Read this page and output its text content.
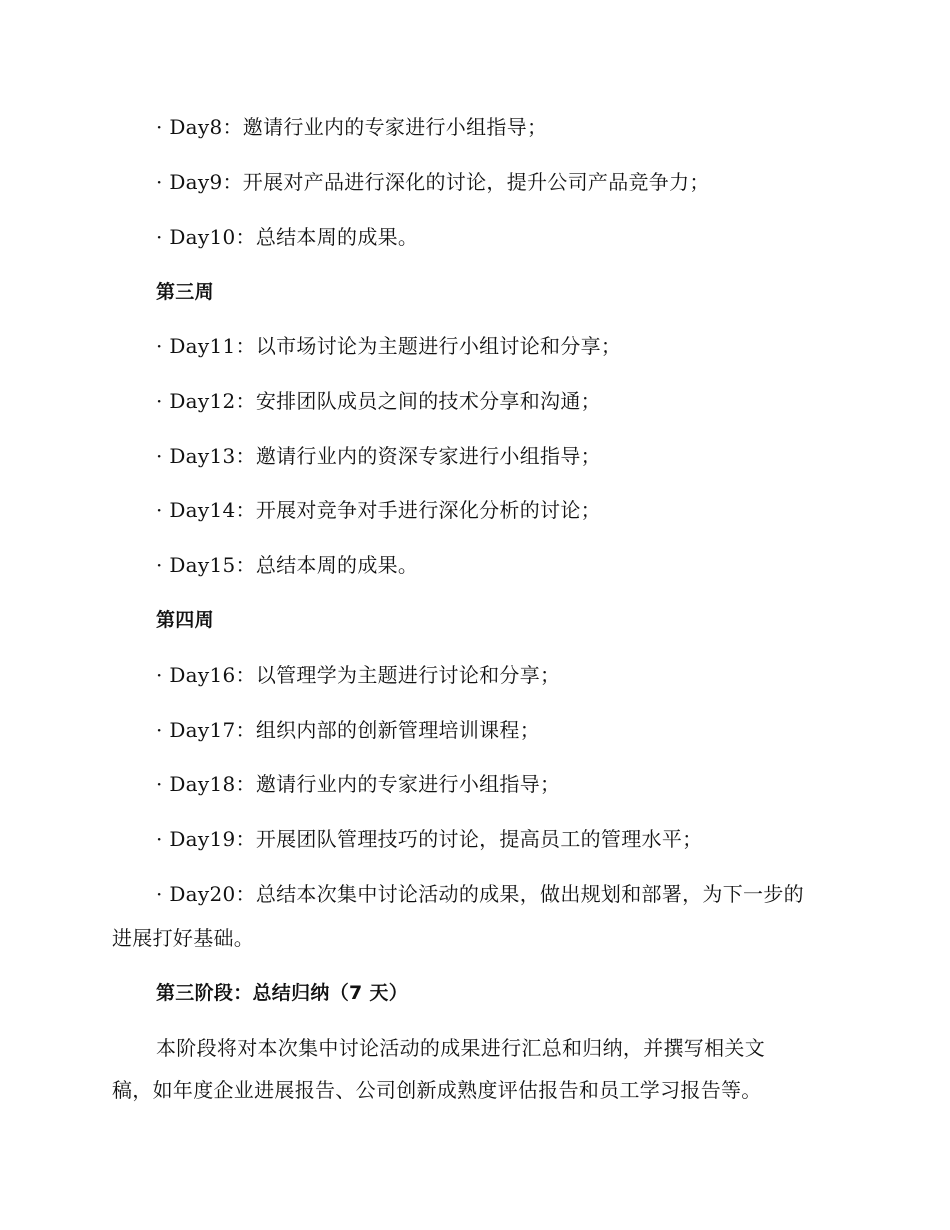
· Day8：邀请行业内的专家进行小组指导；
· Day9：开展对产品进行深化的讨论，提升公司产品竞争力；
· Day10：总结本周的成果。
第三周
· Day11：以市场讨论为主题进行小组讨论和分享；
· Day12：安排团队成员之间的技术分享和沟通；
· Day13：邀请行业内的资深专家进行小组指导；
· Day14：开展对竞争对手进行深化分析的讨论；
· Day15：总结本周的成果。
第四周
· Day16：以管理学为主题进行讨论和分享；
· Day17：组织内部的创新管理培训课程；
· Day18：邀请行业内的专家进行小组指导；
· Day19：开展团队管理技巧的讨论，提高员工的管理水平；
· Day20：总结本次集中讨论活动的成果，做出规划和部署，为下一步的
进展打好基础。
第三阶段：总结归纳（7 天）
本阶段将对本次集中讨论活动的成果进行汇总和归纳，并撰写相关文
稿，如年度企业进展报告、公司创新成熟度评估报告和员工学习报告等。
